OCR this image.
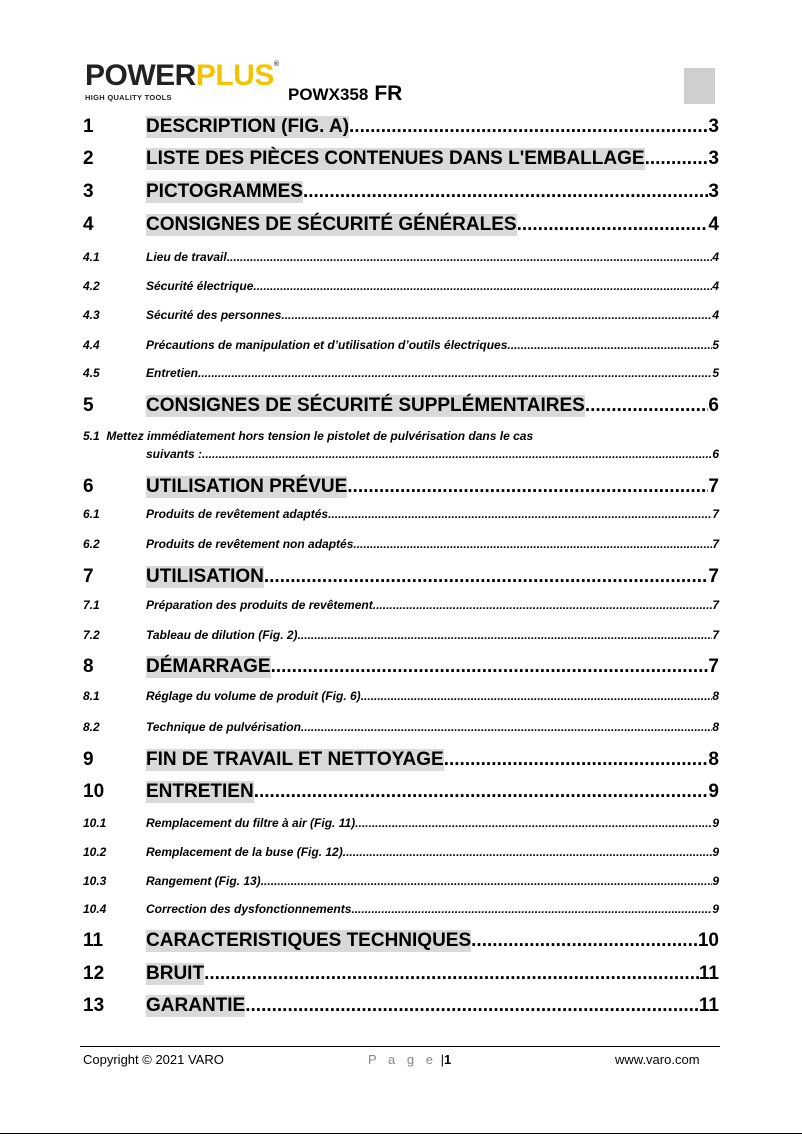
POWERPLUS®
HIGH QUALITY TOOLS	POWX358 FR
1	DESCRIPTION (FIG. A) .....	3
2	LISTE DES PIÈCES CONTENUES DANS L'EMBALLAGE .....	3
3	PICTOGRAMMES .....	3
4	CONSIGNES DE SÉCURITÉ GÉNÉRALES .....	4
4.1	Lieu de travail .....	4
4.2	Sécurité électrique .....	4
4.3	Sécurité des personnes .....	4
4.4	Précautions de manipulation et d’utilisation d’outils électriques .....	5
4.5	Entretien .....	5
5	CONSIGNES DE SÉCURITÉ SUPPLÉMENTAIRES .....	6
5.1 Mettez immédiatement hors tension le pistolet de pulvérisation dans le cas
suivants : .....	6
6	UTILISATION PRÉVUE .....	7
6.1	Produits de revêtement adaptés .....	7
6.2	Produits de revêtement non adaptés .....	7
7	UTILISATION .....	7
7.1	Préparation des produits de revêtement .....	7
7.2	Tableau de dilution (Fig. 2) .....	7
8	DÉMARRAGE .....	7
8.1	Réglage du volume de produit (Fig. 6) .....	8
8.2	Technique de pulvérisation .....	8
9	FIN DE TRAVAIL ET NETTOYAGE .....	8
10	ENTRETIEN .....	9
10.1	Remplacement du filtre à air (Fig. 11) .....	9
10.2	Remplacement de la buse (Fig. 12) .....	9
10.3	Rangement (Fig. 13) .....	9
10.4	Correction des dysfonctionnements .....	9
11	CARACTERISTIQUES TECHNIQUES .....	10
12	BRUIT .....	11
13	GARANTIE .....	11
Copyright © 2021 VARO	P a g e |1	www.varo.com
